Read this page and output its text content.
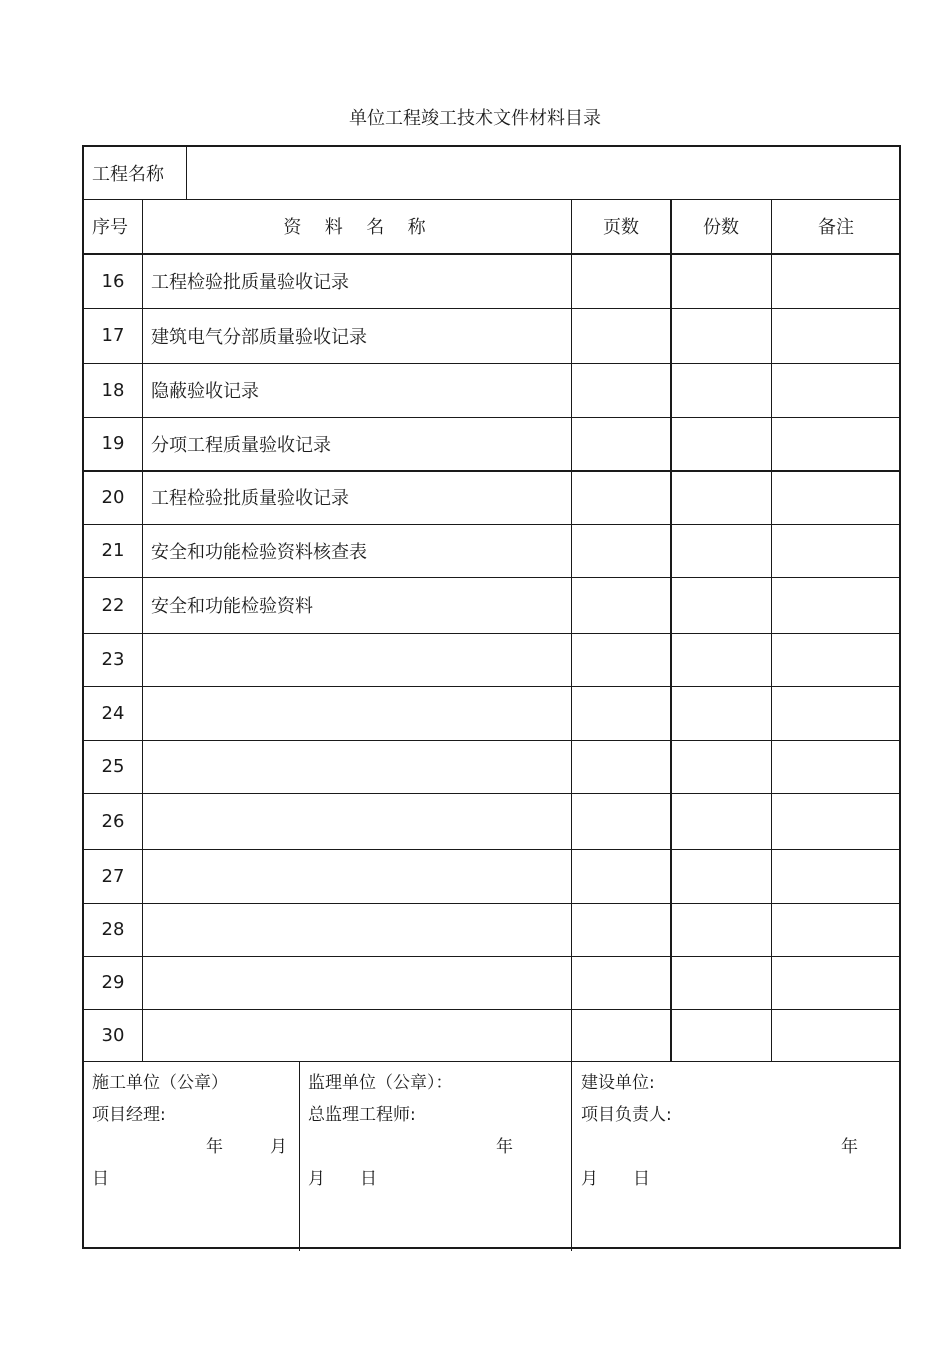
单位工程竣工技术文件材料目录
工程名称
序号	资  料  名  称	页数	份数	备注
16	工程检验批质量验收记录
17	建筑电气分部质量验收记录
18	隐蔽验收记录
19	分项工程质量验收记录
20	工程检验批质量验收记录
21	安全和功能检验资料核查表
22	安全和功能检验资料
23
24
25
26
27
28
29
30
施工单位（公章）
项目经理:
年	月
日
监理单位（公章）：
总监理工程师:
年
月 日
建设单位:
项目负责人:
年
月 日
